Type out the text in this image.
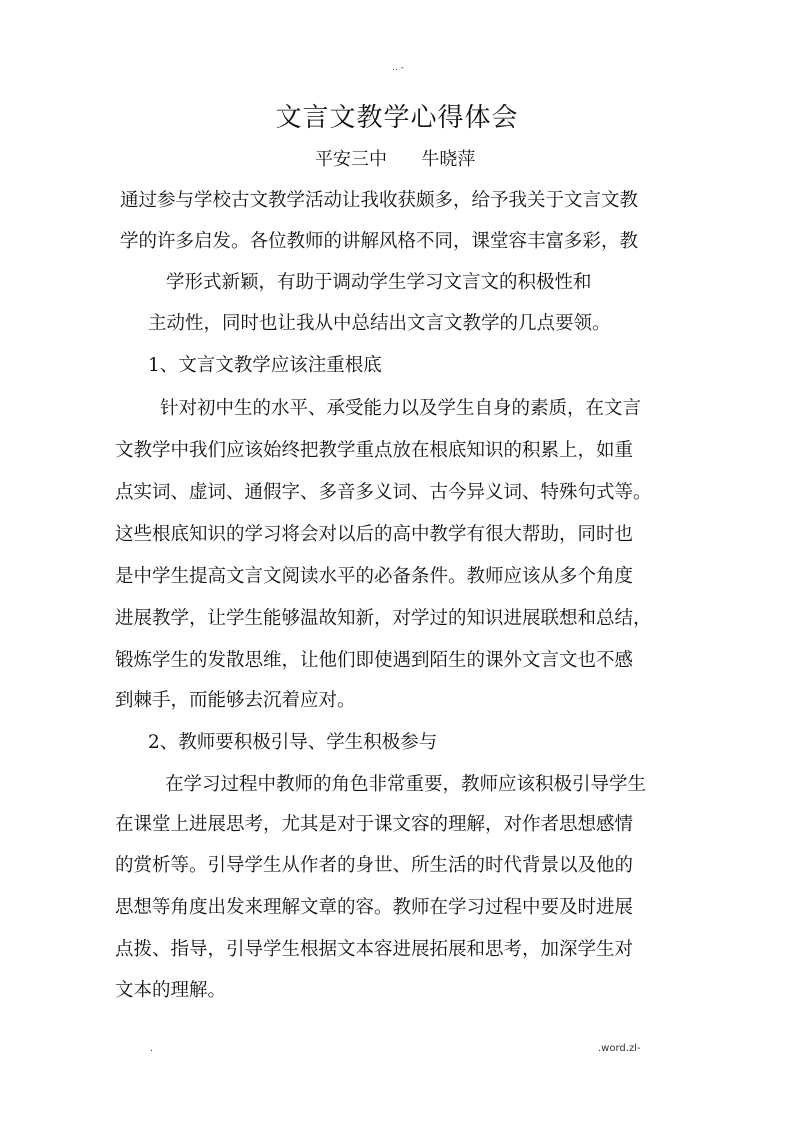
.. -
文言文教学心得体会
平安三中      牛晓萍
通过参与学校古文教学活动让我收获颇多，给予我关于文言文教
学的许多启发。各位教师的讲解风格不同，课堂容丰富多彩，教
学形式新颖，有助于调动学生学习文言文的积极性和
主动性，同时也让我从中总结出文言文教学的几点要领。
1、文言文教学应该注重根底
针对初中生的水平、承受能力以及学生自身的素质，在文言
文教学中我们应该始终把教学重点放在根底知识的积累上，如重
点实词、虚词、通假字、多音多义词、古今异义词、特殊句式等。
这些根底知识的学习将会对以后的高中教学有很大帮助，同时也
是中学生提高文言文阅读水平的必备条件。教师应该从多个角度
进展教学，让学生能够温故知新，对学过的知识进展联想和总结，
锻炼学生的发散思维，让他们即使遇到陌生的课外文言文也不感
到棘手，而能够去沉着应对。
2、教师要积极引导、学生积极参与
在学习过程中教师的角色非常重要，教师应该积极引导学生
在课堂上进展思考，尤其是对于课文容的理解，对作者思想感情
的赏析等。引导学生从作者的身世、所生活的时代背景以及他的
思想等角度出发来理解文章的容。教师在学习过程中要及时进展
点拨、指导，引导学生根据文本容进展拓展和思考，加深学生对
文本的理解。
.	.word.zl-
